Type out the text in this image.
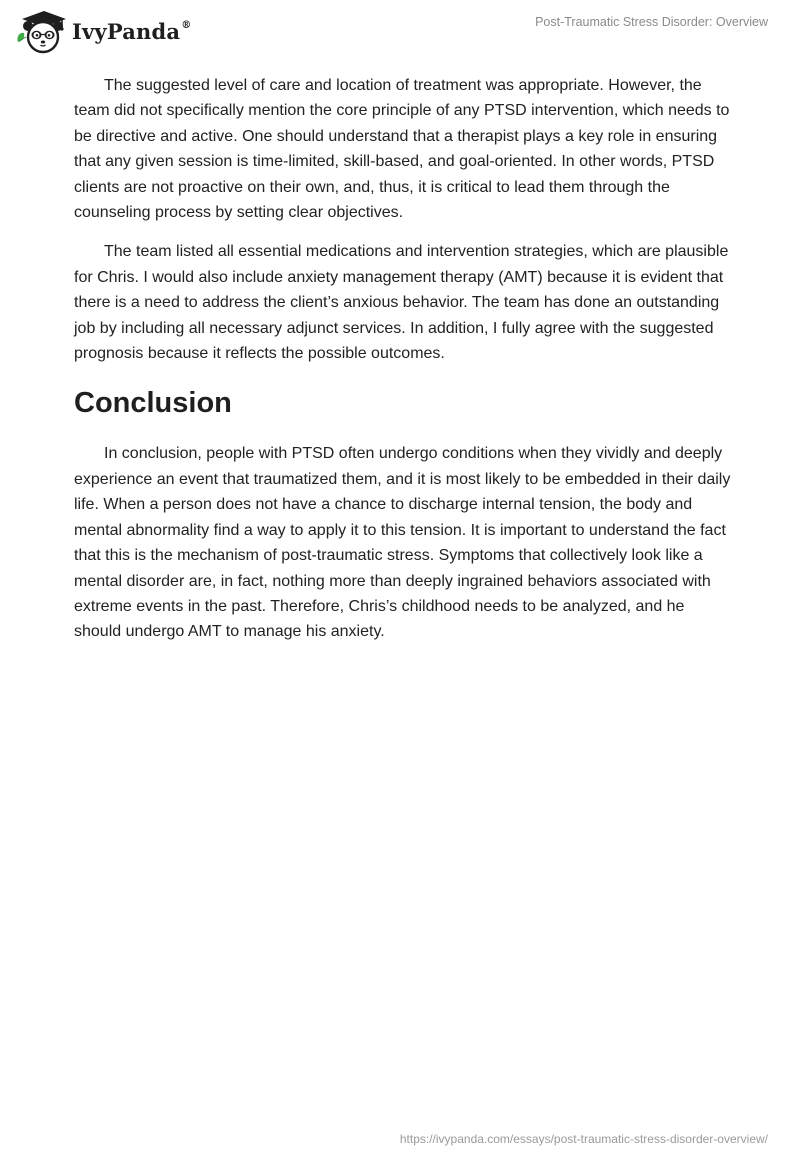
IvyPanda®	Post-Traumatic Stress Disorder: Overview

The suggested level of care and location of treatment was appropriate. However, the team did not specifically mention the core principle of any PTSD intervention, which needs to be directive and active. One should understand that a therapist plays a key role in ensuring that any given session is time-limited, skill-based, and goal-oriented. In other words, PTSD clients are not proactive on their own, and, thus, it is critical to lead them through the counseling process by setting clear objectives.

The team listed all essential medications and intervention strategies, which are plausible for Chris. I would also include anxiety management therapy (AMT) because it is evident that there is a need to address the client’s anxious behavior. The team has done an outstanding job by including all necessary adjunct services. In addition, I fully agree with the suggested prognosis because it reflects the possible outcomes.

Conclusion

In conclusion, people with PTSD often undergo conditions when they vividly and deeply experience an event that traumatized them, and it is most likely to be embedded in their daily life. When a person does not have a chance to discharge internal tension, the body and mental abnormality find a way to apply it to this tension. It is important to understand the fact that this is the mechanism of post-traumatic stress. Symptoms that collectively look like a mental disorder are, in fact, nothing more than deeply ingrained behaviors associated with extreme events in the past. Therefore, Chris’s childhood needs to be analyzed, and he should undergo AMT to manage his anxiety.

https://ivypanda.com/essays/post-traumatic-stress-disorder-overview/
